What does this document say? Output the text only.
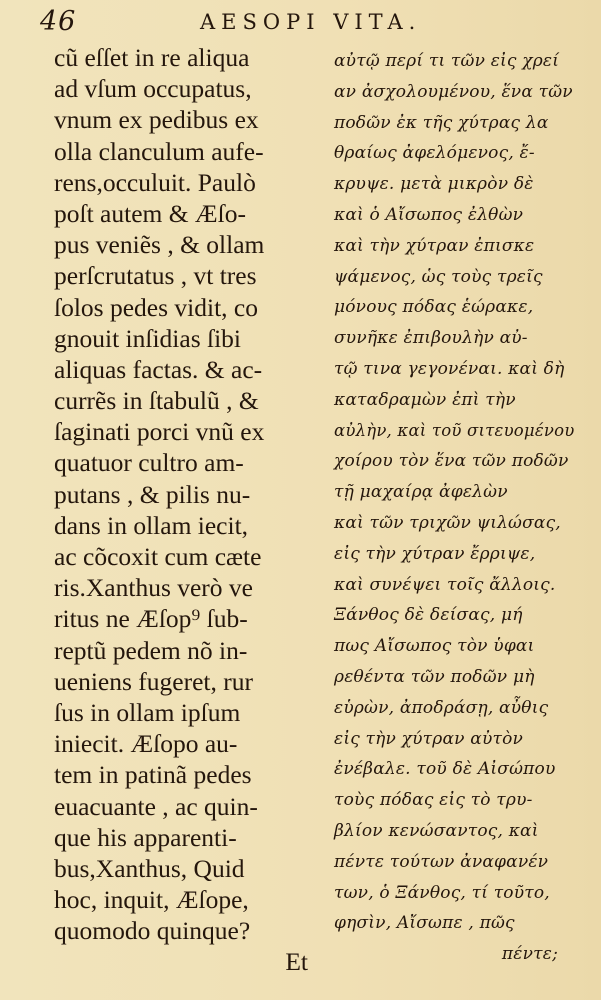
46	AESOPI VITA.
cũ eſſet in re aliqua
ad vſum occupatus,
vnum ex pedibus ex
olla clanculum aufe-
rens,occuluit. Paulò
poſt autem & Æſo-
pus veniẽs , & ollam
perſcrutatus , vt tres
ſolos pedes vidit, co
gnouit inſidias ſibi
aliquas factas. & ac-
currẽs in ſtabulũ , &
ſaginati porci vnũ ex
quatuor cultro am-
putans , & pilis nu-
dans in ollam iecit,
ac cõcoxit cum cæte
ris.Xanthus verò ve
ritus ne Æſop⁹ ſub-
reptũ pedem nõ in-
ueniens fugeret, rur
ſus in ollam ipſum
iniecit. Æſopo au-
tem in patinã pedes
euacuante , ac quin-
que his apparenti-
bus,Xanthus, Quid
hoc, inquit, Æſope,
quomodo quinque?
Et
αὐτῷ περί τι τῶν εἰς χρεί
αν ἀσχολουμένου, ἕνα τῶν
ποδῶν ἐκ τῆς χύτρας λα
θραίως ἀφελόμενος, ἔ-
κρυψε. μετὰ μικρὸν δὲ
καὶ ὁ Αἴσωπος ἐλθὼν
καὶ τὴν χύτραν ἐπισκε
ψάμενος, ὡς τοὺς τρεῖς
μόνους πόδας ἑώρακε,
συνῆκε ἐπιβουλὴν αὐ-
τῷ τινα γεγονέναι. καὶ δὴ
καταδραμὼν ἐπὶ τὴν
αὐλὴν, καὶ τοῦ σιτευομένου
χοίρου τὸν ἕνα τῶν ποδῶν
τῇ μαχαίρᾳ ἀφελὼν
καὶ τῶν τριχῶν ψιλώσας,
εἰς τὴν χύτραν ἔρριψε,
καὶ συνέψει τοῖς ἄλλοις.
Ξάνθος δὲ δείσας, μή
πως Αἴσωπος τὸν ὑφαι
ρεθέντα τῶν ποδῶν μὴ
εὑρὼν, ἀποδράσῃ, αὖθις
εἰς τὴν χύτραν αὐτὸν
ἐνέβαλε. τοῦ δὲ Αἰσώπου
τοὺς πόδας εἰς τὸ τρυ-
βλίον κενώσαντος, καὶ
πέντε τούτων ἀναφανέν
των, ὁ Ξάνθος, τί τοῦτο,
φησὶν, Αἴσωπε , πῶς
πέντε;
